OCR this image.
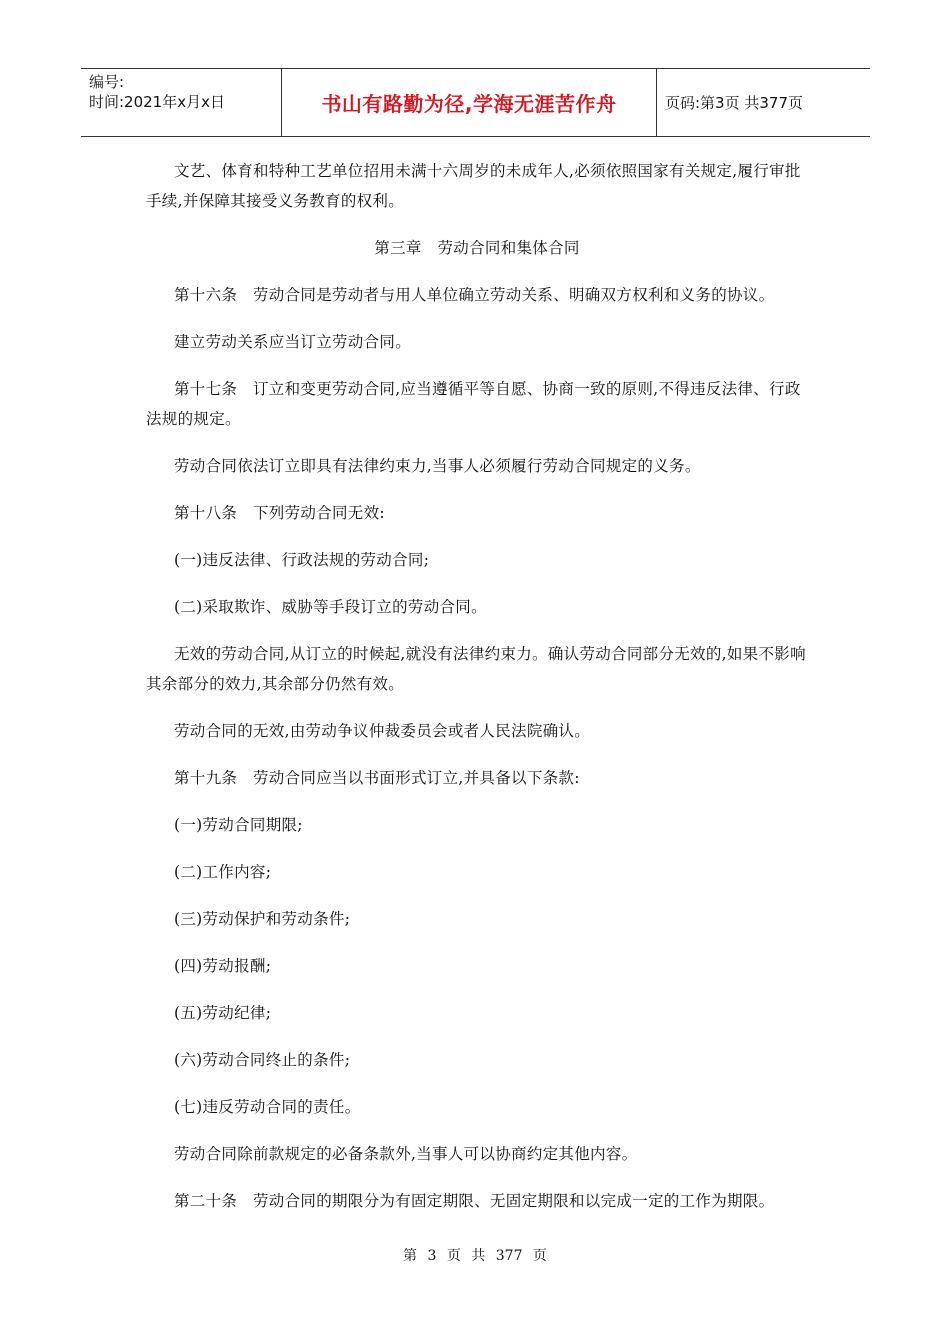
编号:
时间:2021年x月x日	书山有路勤为径,学海无涯苦作舟	页码:第3页 共377页

文艺、体育和特种工艺单位招用未满十六周岁的未成年人,必须依照国家有关规定,履行审批手续,并保障其接受义务教育的权利。

第三章　劳动合同和集体合同

第十六条　劳动合同是劳动者与用人单位确立劳动关系、明确双方权利和义务的协议。

建立劳动关系应当订立劳动合同。

第十七条　订立和变更劳动合同,应当遵循平等自愿、协商一致的原则,不得违反法律、行政法规的规定。

劳动合同依法订立即具有法律约束力,当事人必须履行劳动合同规定的义务。

第十八条　下列劳动合同无效:

(一)违反法律、行政法规的劳动合同;

(二)采取欺诈、威胁等手段订立的劳动合同。

无效的劳动合同,从订立的时候起,就没有法律约束力。确认劳动合同部分无效的,如果不影响其余部分的效力,其余部分仍然有效。

劳动合同的无效,由劳动争议仲裁委员会或者人民法院确认。

第十九条　劳动合同应当以书面形式订立,并具备以下条款:

(一)劳动合同期限;

(二)工作内容;

(三)劳动保护和劳动条件;

(四)劳动报酬;

(五)劳动纪律;

(六)劳动合同终止的条件;

(七)违反劳动合同的责任。

劳动合同除前款规定的必备条款外,当事人可以协商约定其他内容。

第二十条　劳动合同的期限分为有固定期限、无固定期限和以完成一定的工作为期限。

第 3 页 共 377 页
